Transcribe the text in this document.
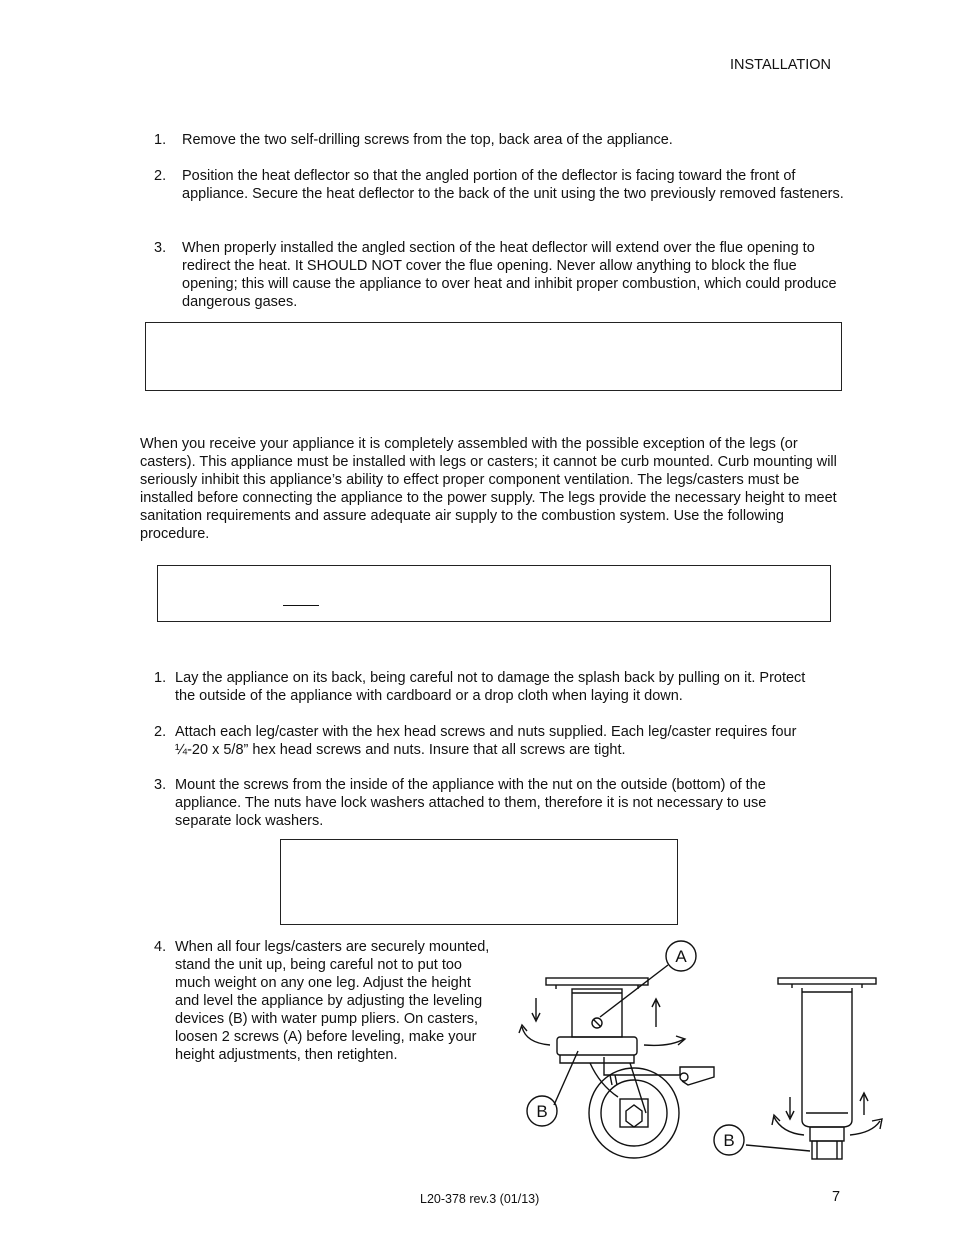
INSTALLATION
1. Remove the two self-drilling screws from the top, back area of the appliance.
2. Position the heat deflector so that the angled portion of the deflector is facing toward the front of appliance. Secure the heat deflector to the back of the unit using the two previously removed fasteners.
3. When properly installed the angled section of the heat deflector will extend over the flue opening to redirect the heat. It SHOULD NOT cover the flue opening. Never allow anything to block the flue opening; this will cause the appliance to over heat and inhibit proper combustion, which could produce dangerous gases.
When you receive your appliance it is completely assembled with the possible exception of the legs (or casters). This appliance must be installed with legs or casters; it cannot be curb mounted. Curb mounting will seriously inhibit this appliance’s ability to effect proper component ventilation. The legs/casters must be installed before connecting the appliance to the power supply. The legs provide the necessary height to meet sanitation requirements and assure adequate air supply to the combustion system. Use the following procedure.
1. Lay the appliance on its back, being careful not to damage the splash back by pulling on it. Protect the outside of the appliance with cardboard or a drop cloth when laying it down.
2. Attach each leg/caster with the hex head screws and nuts supplied. Each leg/caster requires four ¼-20 x 5/8” hex head screws and nuts. Insure that all screws are tight.
3. Mount the screws from the inside of the appliance with the nut on the outside (bottom) of the appliance. The nuts have lock washers attached to them, therefore it is not necessary to use separate lock washers.
4. When all four legs/casters are securely mounted, stand the unit up, being careful not to put too much weight on any one leg. Adjust the height and level the appliance by adjusting the leveling devices (B) with water pump pliers. On casters, loosen 2 screws (A) before leveling, make your height adjustments, then retighten.
A
B
B
L20-378 rev.3 (01/13)	7
